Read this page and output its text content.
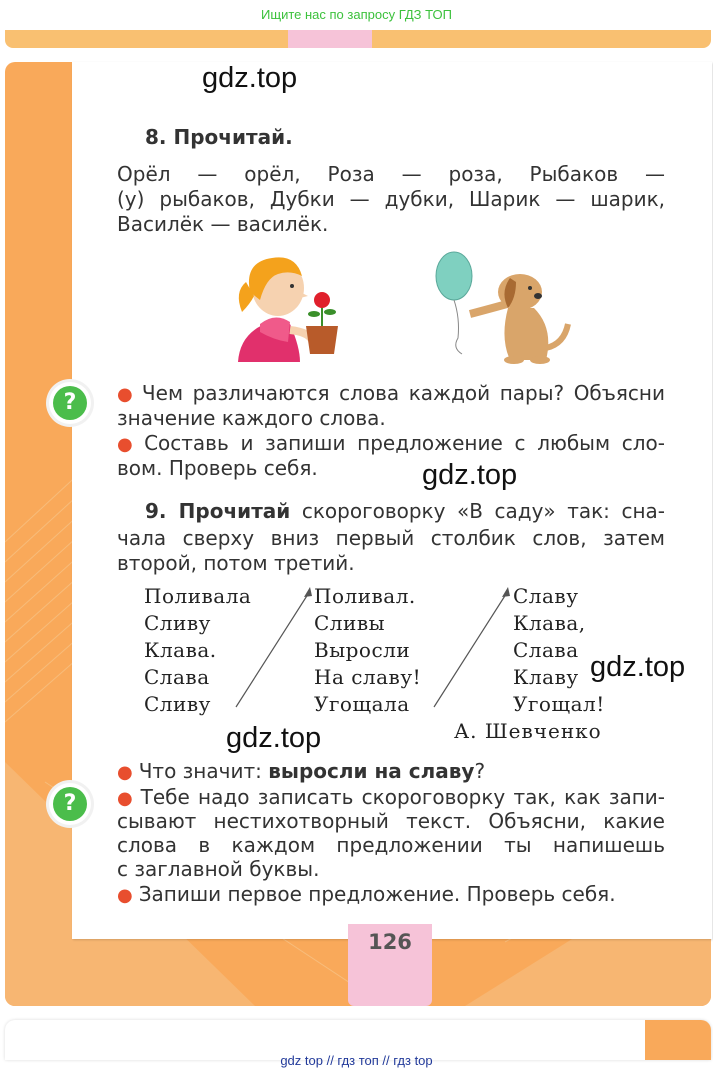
Ищите нас по запросу ГДЗ ТОП
126
gdz.top
gdz.top
gdz.top
gdz.top
8. Прочитай.
Орёл — орёл, Роза — роза, Рыбаков —
(у) рыбаков, Дубки — дубки, Шарик — шарик,
Василёк — василёк.
?	● Чем различаются слова каждой пары? Объясни
значение каждого слова.
● Составь и запиши предложение с любым сло-
вом. Проверь себя.
9. Прочитай скороговорку «В саду» так: сна-
чала сверху вниз первый столбик слов, затем
второй, потом третий.
Поливала
Сливу
Клава.
Слава
Сливу
Поливал.
Сливы
Выросли
На славу!
Угощала
Славу
Клава,
Слава
Клаву
Угощал!
А. Шевченко
?
● Что значит: выросли на славу?
● Тебе надо записать скороговорку так, как запи-
сывают нестихотворный текст. Объясни, какие
слова в каждом предложении ты напишешь
с заглавной буквы.
● Запиши первое предложение. Проверь себя.
gdz top // гдз топ // гдз top
